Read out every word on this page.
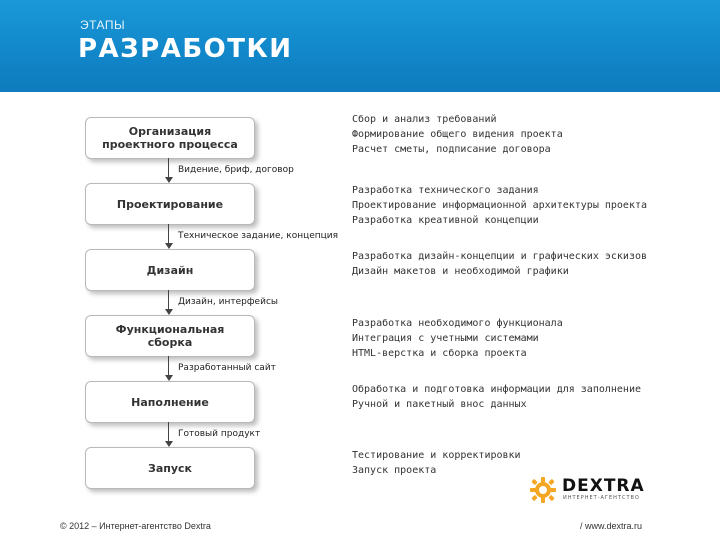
ЭТАПЫ
РАЗРАБОТКИ
Организация проектного процесса
Проектирование
Дизайн
Функциональная сборка
Наполнение
Запуск
Видение, бриф, договор
Техническое задание, концепция
Дизайн, интерфейсы
Разработанный сайт
Готовый продукт
Сбор и анализ требований
Формирование общего видения проекта
Расчет сметы, подписание договора
Разработка технического задания
Проектирование информационной архитектуры проекта
Разработка креативной концепции
Разработка дизайн-концепции и графических эскизов
Дизайн макетов и необходимой графики
Разработка необходимого функционала
Интеграция с учетными системами
HTML-верстка и сборка проекта
Обработка и подготовка информации для заполнение
Ручной и пакетный внос данных
Тестирование и корректировки
Запуск проекта
DEXTRA
ИНТЕРНЕТ-АГЕНТСТВО
© 2012 – Интернет-агентство Dextra	/ www.dextra.ru
